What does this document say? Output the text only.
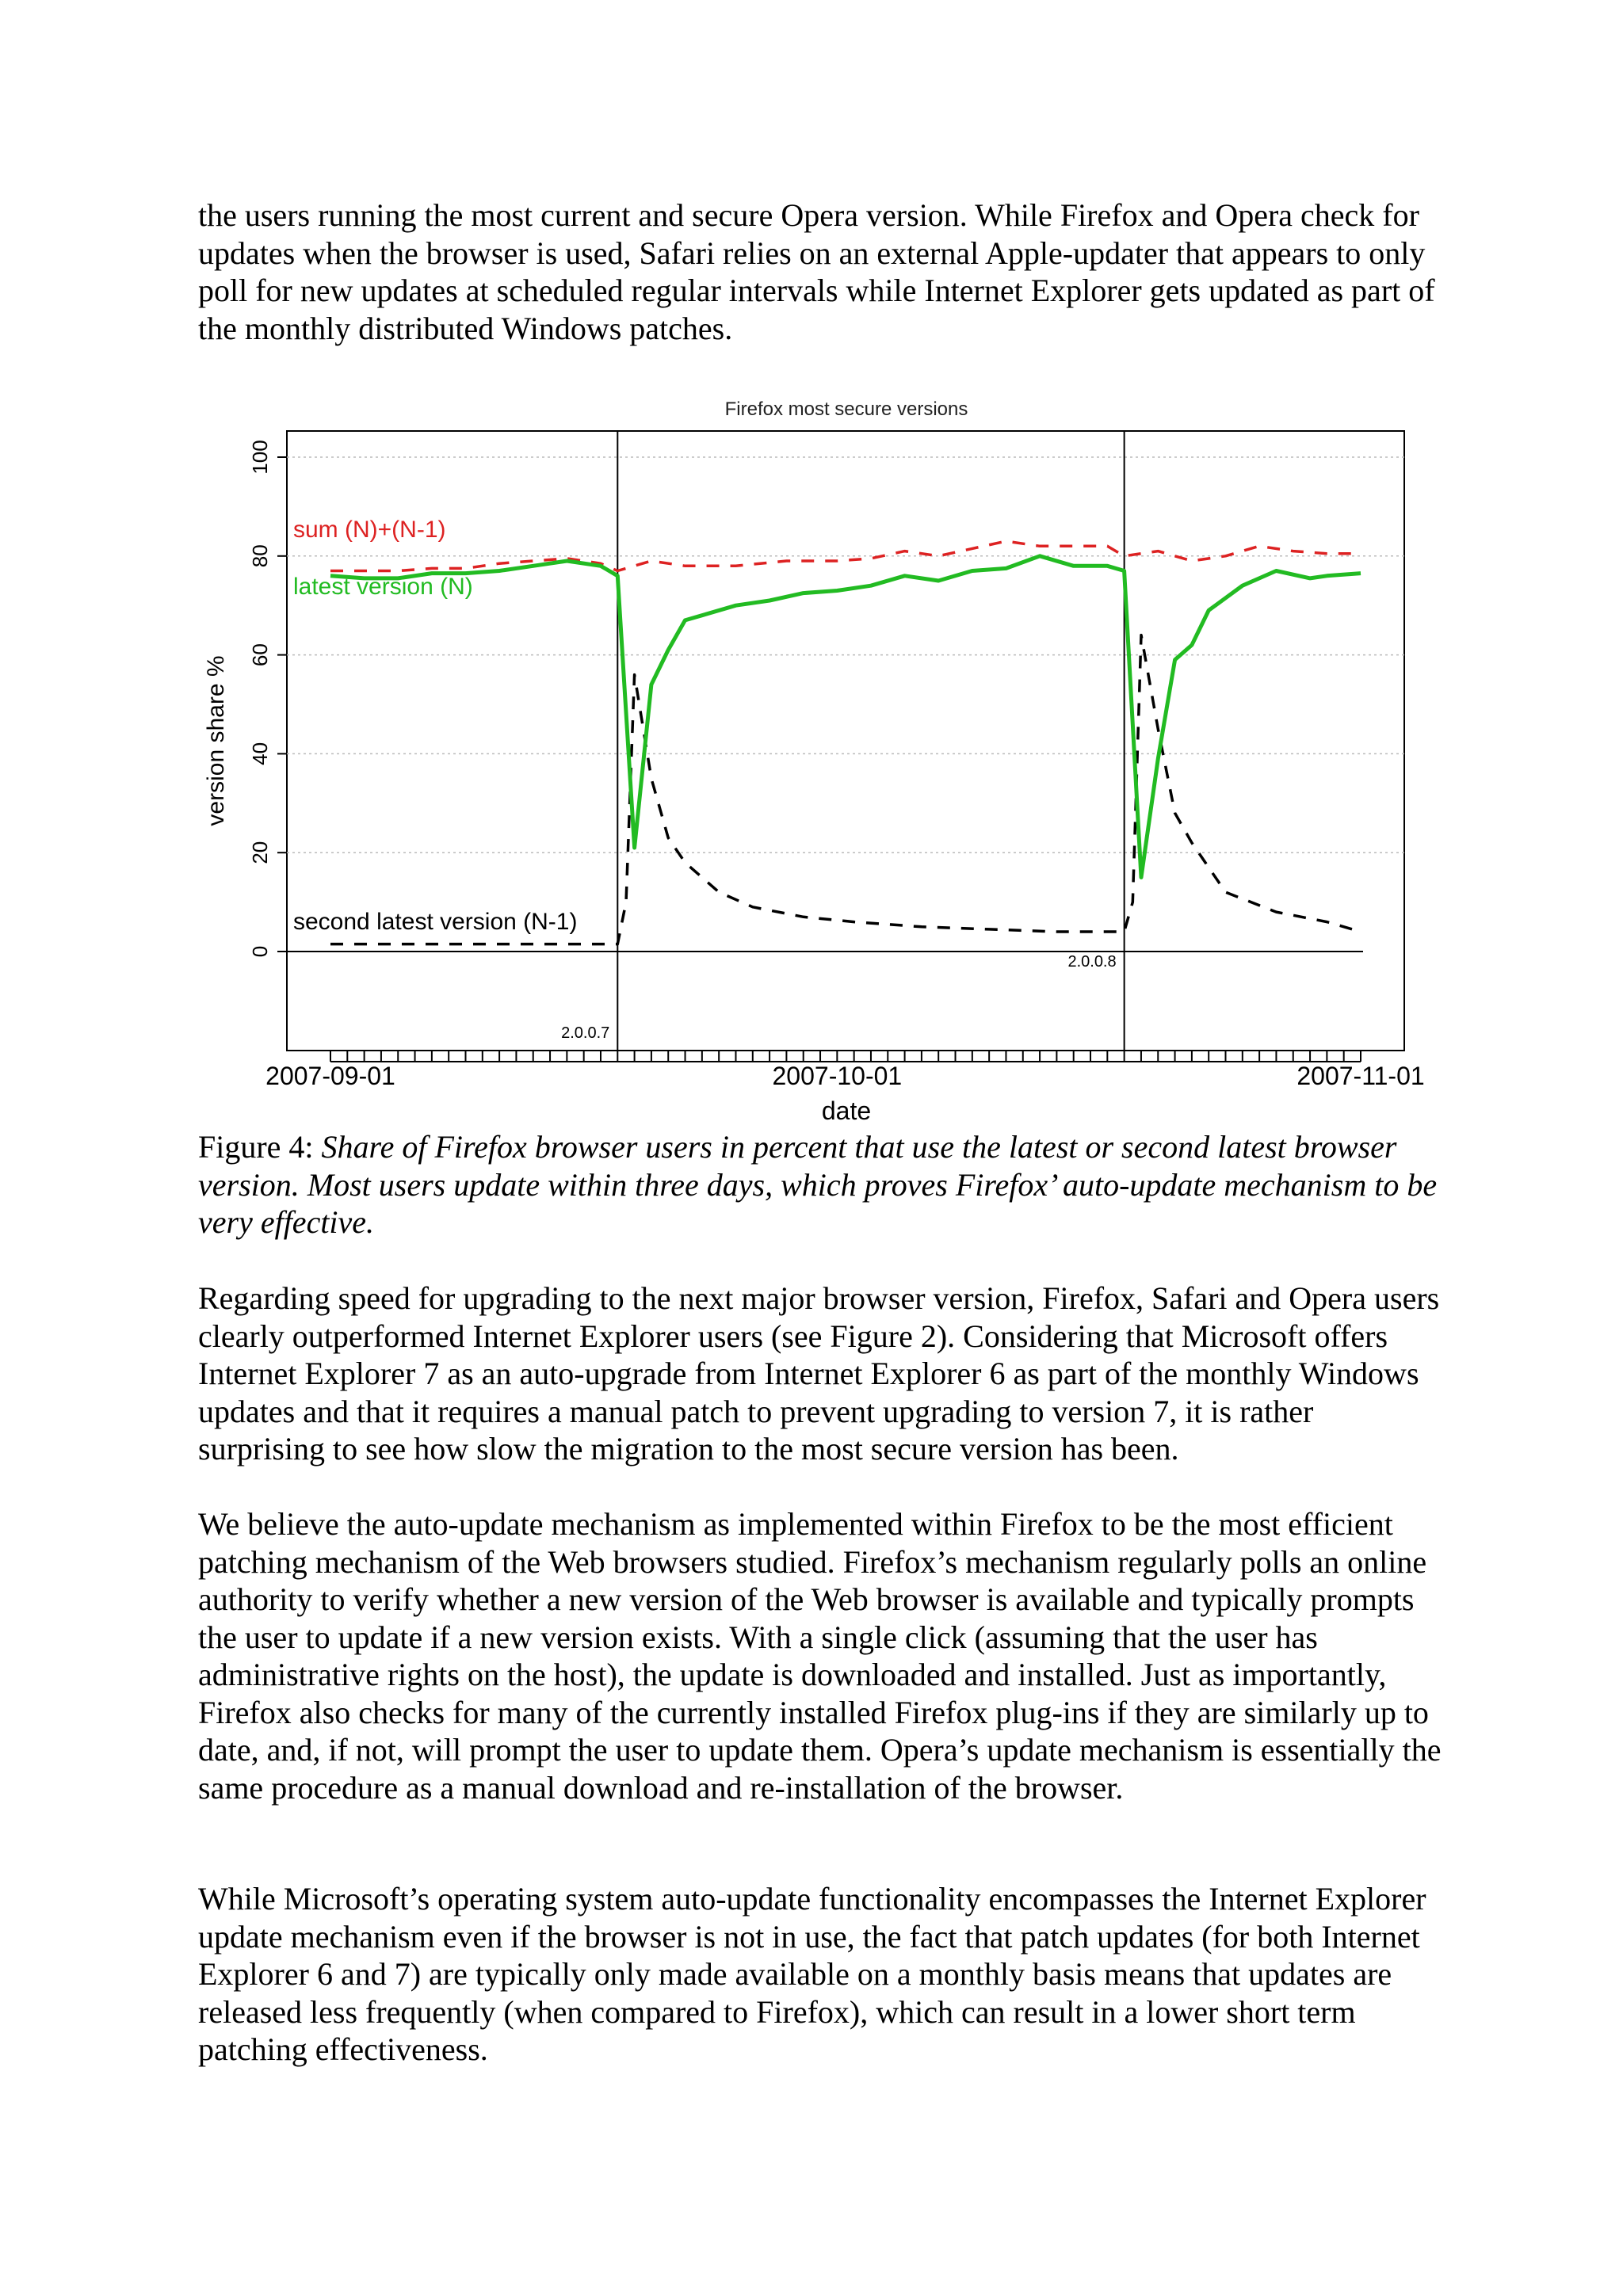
the users running the most current and secure Opera version. While Firefox and Opera check for updates when the browser is used, Safari relies on an external Apple-updater that appears to only poll for new updates at scheduled regular intervals while Internet Explorer gets updated as part of the monthly distributed Windows patches.

Firefox most secure versions
0
20
40
60
80
100
2007-09-01	2007-10-01	2007-11-01
2.0.0.7
2.0.0.8
sum (N)+(N-1)
latest version (N)
second latest version (N-1)
date
version share %

Figure 4: Share of Firefox browser users in percent that use the latest or second latest browser version. Most users update within three days, which proves Firefox’ auto-update mechanism to be very effective.

Regarding speed for upgrading to the next major browser version, Firefox, Safari and Opera users clearly outperformed Internet Explorer users (see Figure 2). Considering that Microsoft offers Internet Explorer 7 as an auto-upgrade from Internet Explorer 6 as part of the monthly Windows updates and that it requires a manual patch to prevent upgrading to version 7, it is rather surprising to see how slow the migration to the most secure version has been.

We believe the auto-update mechanism as implemented within Firefox to be the most efficient patching mechanism of the Web browsers studied. Firefox’s mechanism regularly polls an online authority to verify whether a new version of the Web browser is available and typically prompts the user to update if a new version exists. With a single click (assuming that the user has administrative rights on the host), the update is downloaded and installed. Just as importantly, Firefox also checks for many of the currently installed Firefox plug-ins if they are similarly up to date, and, if not, will prompt the user to update them. Opera’s update mechanism is essentially the same procedure as a manual download and re-installation of the browser.

While Microsoft’s operating system auto-update functionality encompasses the Internet Explorer update mechanism even if the browser is not in use, the fact that patch updates (for both Internet Explorer 6 and 7) are typically only made available on a monthly basis means that updates are released less frequently (when compared to Firefox), which can result in a lower short term patching effectiveness.
